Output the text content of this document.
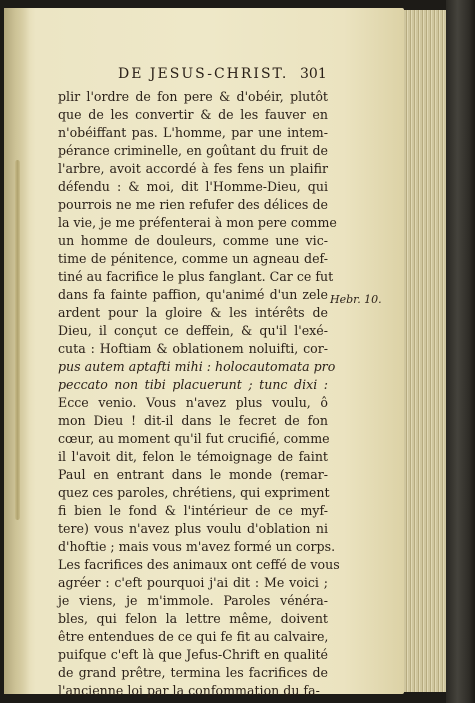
DE JESUS-CHRIST. 301
plir l'ordre de fon pere & d'obéir, plutôt
que de les convertir & de les fauver en
n'obéiffant pas. L'homme, par une intem-
pérance criminelle, en goûtant du fruit de
l'arbre, avoit accordé à fes fens un plaifir
défendu : & moi, dit l'Homme-Dieu, qui
pourrois ne me rien refufer des délices de
la vie, je me préfenterai à mon pere comme
un homme de douleurs, comme une vic-
time de pénitence, comme un agneau def-
tiné au facrifice le plus fanglant. Car ce fut
dans fa fainte paffion, qu'animé d'un zele
ardent pour la gloire & les intérêts de
Dieu, il conçut ce deffein, & qu'il l'exé-
cuta : Hoftiam & oblationem noluifti, cor-
pus autem aptafti mihi : holocautomata pro
peccato non tibi placuerunt ; tunc dixi :
Ecce venio. Vous n'avez plus voulu, ô
mon Dieu ! dit-il dans le fecret de fon
cœur, au moment qu'il fut crucifié, comme
il l'avoit dit, felon le témoignage de faint
Paul en entrant dans le monde (remar-
quez ces paroles, chrétiens, qui expriment
fi bien le fond & l'intérieur de ce myf-
tere) vous n'avez plus voulu d'oblation ni
d'hoftie ; mais vous m'avez formé un corps.
Les facrifices des animaux ont ceffé de vous
agréer : c'eft pourquoi j'ai dit : Me voici ;
je viens, je m'immole. Paroles vénéra-
bles, qui felon la lettre même, doivent
être entendues de ce qui fe fit au calvaire,
puifque c'eft là que Jefus-Chrift en qualité
de grand prêtre, termina les facrifices de
l'ancienne loi par la confommation du fa-
Hebr. 10.
